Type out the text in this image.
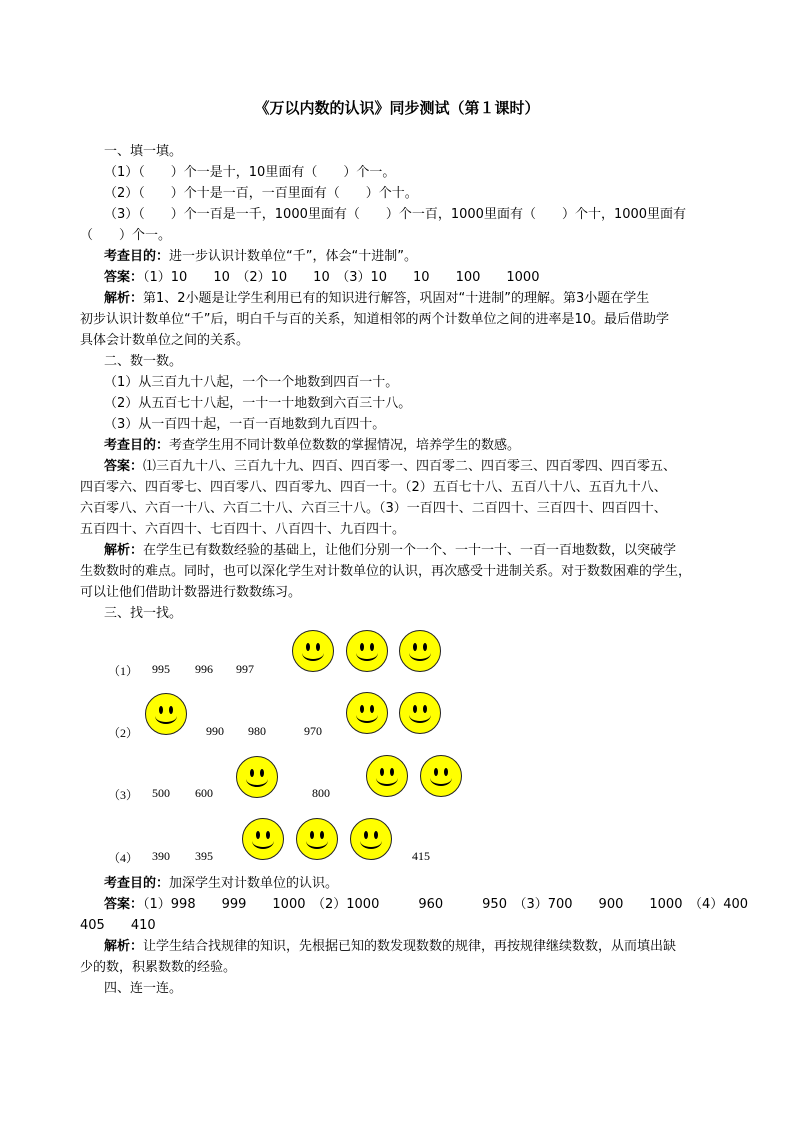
《万以内数的认识》同步测试（第１课时）
一、填一填。
（1）（　　）个一是十，10里面有（　　）个一。
（2）（　　）个十是一百，一百里面有（　　）个十。
（3）（　　）个一百是一千，1000里面有（　　）个一百，1000里面有（　　）个十，1000里面有
（　　）个一。
考查目的：进一步认识计数单位“千”，体会“十进制”。
答案：（1）10　　10　（2）10　　10　（3）10　　10　　100　　1000
解析：第1、2小题是让学生利用已有的知识进行解答，巩固对“十进制”的理解。第3小题在学生
初步认识计数单位“千”后，明白千与百的关系，知道相邻的两个计数单位之间的进率是10。最后借助学
具体会计数单位之间的关系。
二、数一数。
（1）从三百九十八起，一个一个地数到四百一十。
（2）从五百七十八起，一十一十地数到六百三十八。
（3）从一百四十起，一百一百地数到九百四十。
考查目的：考查学生用不同计数单位数数的掌握情况，培养学生的数感。
答案：⑴三百九十八、三百九十九、四百、四百零一、四百零二、四百零三、四百零四、四百零五、
四百零六、四百零七、四百零八、四百零九、四百一十。（2）五百七十八、五百八十八、五百九十八、
六百零八、六百一十八、六百二十八、六百三十八。（3）一百四十、二百四十、三百四十、四百四十、
五百四十、六百四十、七百四十、八百四十、九百四十。
解析：在学生已有数数经验的基础上，让他们分别一个一个、一十一十、一百一百地数数，以突破学
生数数时的难点。同时，也可以深化学生对计数单位的认识，再次感受十进制关系。对于数数困难的学生，
可以让他们借助计数器进行数数练习。
三、找一找。
（1） 995 996 997
（2）	990 980	970
（3） 500 600	800
（4） 390 395	415
考查目的：加深学生对计数单位的认识。
答案：（1）998　　999　　1000　（2）1000　　　960　　　950　（3）700　　900　　1000　（4）400
405　　410
解析：让学生结合找规律的知识，先根据已知的数发现数数的规律，再按规律继续数数，从而填出缺
少的数，积累数数的经验。
四、连一连。
